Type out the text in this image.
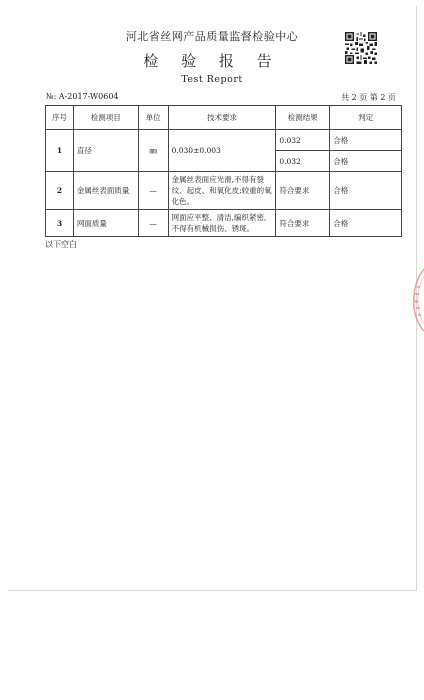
河北省丝网产品质量监督检验中心
检 验 报 告
Test Report
№: A-2017-W0604	共 2 页 第 2 页
序号	检测项目	单位	技术要求	检测结果	判定
1	直径	㎜	0.030±0.003	0.032	合格
				0.032	合格
2	金属丝表面质量	—	金属丝表面应光滑,不得有裂纹、起皮、和氧化皮;较重的氧化色。	符合要求	合格
3	网面质量	—	网面应平整、清洁,编织紧密,不得有机械损伤、锈斑。	符合要求	合格
以下空白
